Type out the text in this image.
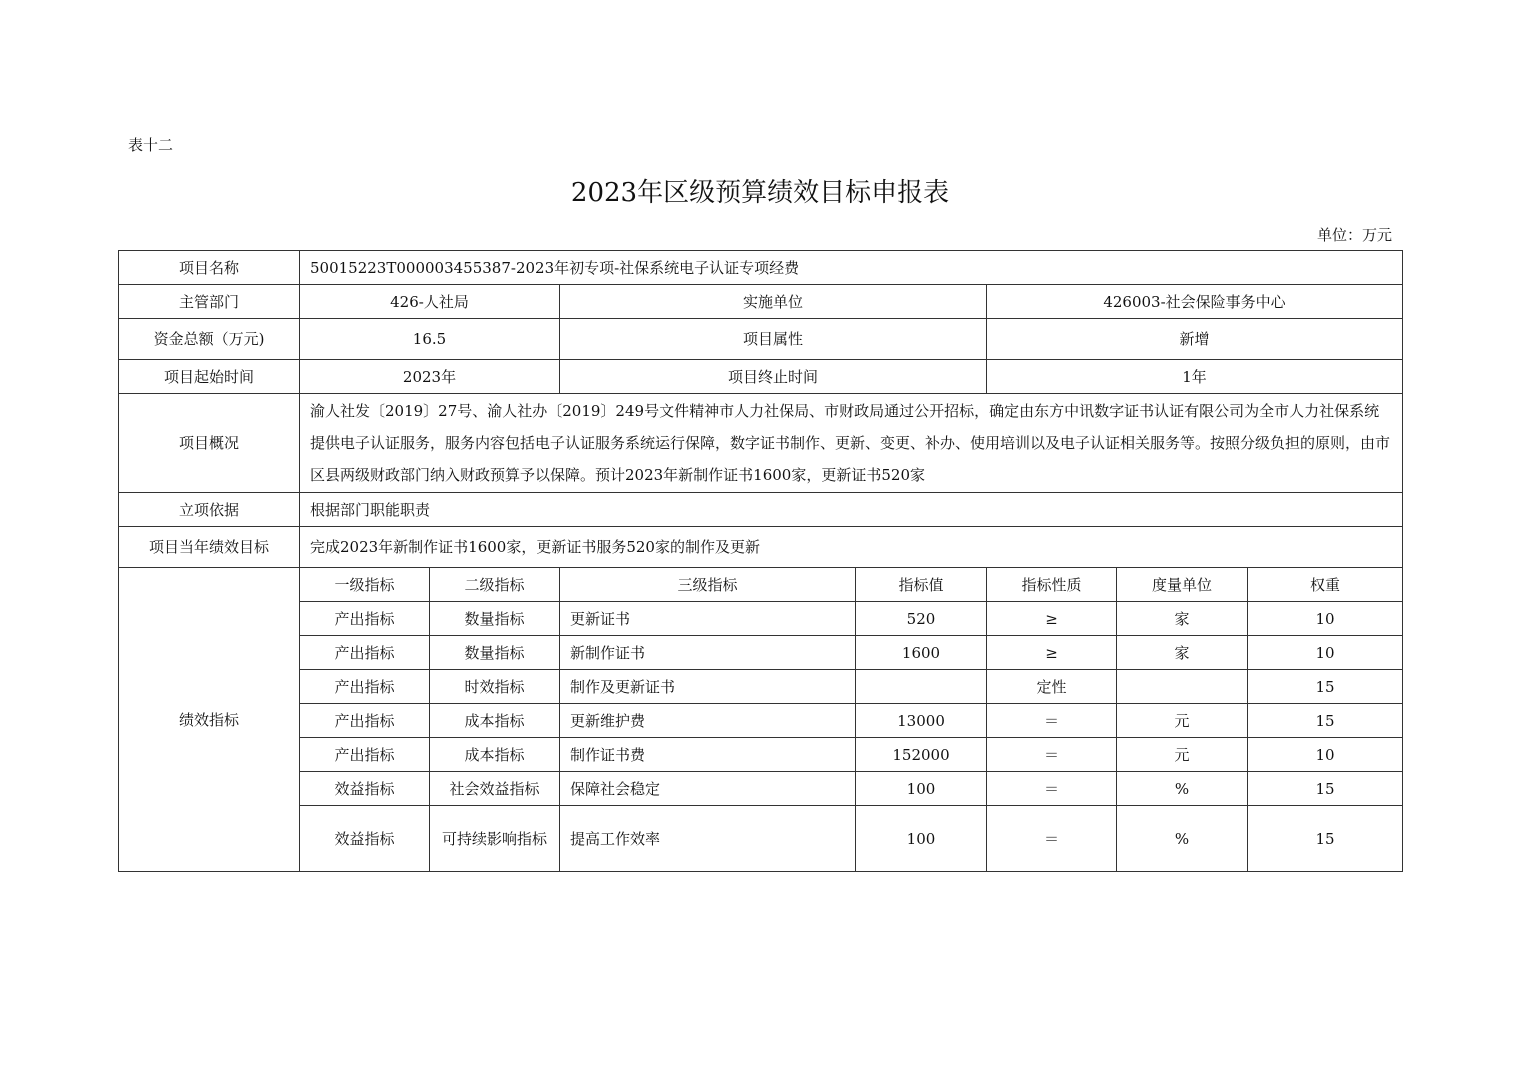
表十二
2023年区级预算绩效目标申报表
单位：万元
项目名称	50015223T000003455387-2023年初专项-社保系统电子认证专项经费						
主管部门	426-人社局		实施单位		426003-社会保险事务中心		
资金总额（万元)	16.5		项目属性		新增		
项目起始时间	2023年		项目终止时间		1年		
项目概况	渝人社发〔2019〕27号、渝人社办〔2019〕249号文件精神市人力社保局、市财政局通过公开招标，确定由东方中讯数字证书认证有限公司为全市人力社保系统提供电子认证服务，服务内容包括电子认证服务系统运行保障，数字证书制作、更新、变更、补办、使用培训以及电子认证相关服务等。按照分级负担的原则，由市区县两级财政部门纳入财政预算予以保障。预计2023年新制作证书1600家，更新证书520家						
立项依据	根据部门职能职责						
项目当年绩效目标	完成2023年新制作证书1600家，更新证书服务520家的制作及更新						
绩效指标	一级指标	二级指标	三级指标	指标值	指标性质	度量单位	权重
	产出指标	数量指标	更新证书	520	≥	家	10
	产出指标	数量指标	新制作证书	1600	≥	家	10
	产出指标	时效指标	制作及更新证书		定性		15
	产出指标	成本指标	更新维护费	13000	＝	元	15
	产出指标	成本指标	制作证书费	152000	＝	元	10
	效益指标	社会效益指标	保障社会稳定	100	＝	%	15
	效益指标	可持续影响指标	提高工作效率	100	＝	%	15
